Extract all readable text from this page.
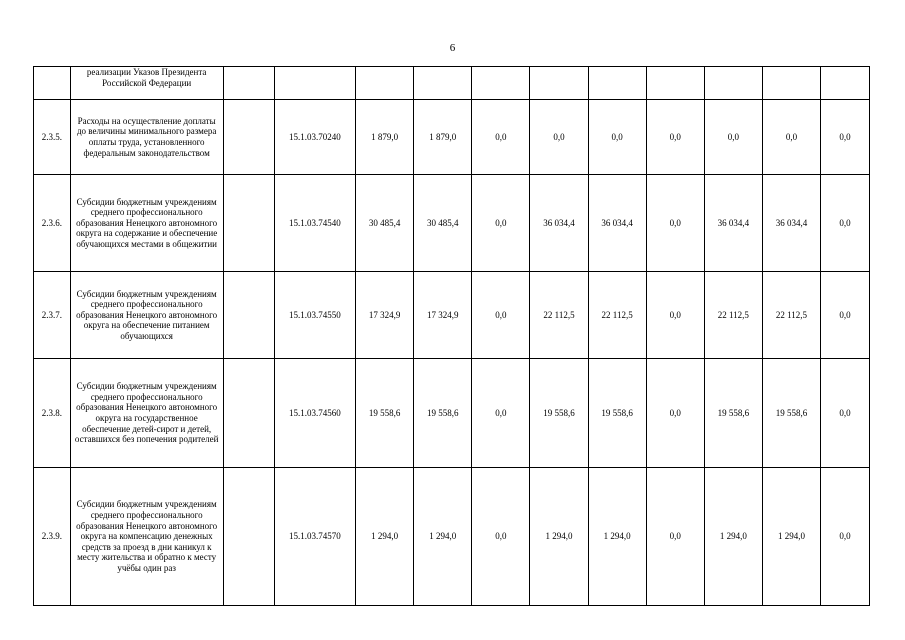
6
	реализации Указов Президента Российской Федерации											
2.3.5.	Расходы на осуществление доплаты до величины минимального размера оплаты труда, установленного федеральным законодательством		15.1.03.70240	1 879,0	1 879,0	0,0	0,0	0,0	0,0	0,0	0,0	0,0
2.3.6.	Субсидии бюджетным учреждениям среднего профессионального образования Ненецкого автономного округа на содержание и обеспечение обучающихся местами в общежитии		15.1.03.74540	30 485,4	30 485,4	0,0	36 034,4	36 034,4	0,0	36 034,4	36 034,4	0,0
2.3.7.	Субсидии бюджетным учреждениям среднего профессионального образования Ненецкого автономного округа на обеспечение питанием обучающихся		15.1.03.74550	17 324,9	17 324,9	0,0	22 112,5	22 112,5	0,0	22 112,5	22 112,5	0,0
2.3.8.	Субсидии бюджетным учреждениям среднего профессионального образования Ненецкого автономного округа на государственное обеспечение детей-сирот и детей, оставшихся без попечения родителей		15.1.03.74560	19 558,6	19 558,6	0,0	19 558,6	19 558,6	0,0	19 558,6	19 558,6	0,0
2.3.9.	Субсидии бюджетным учреждениям среднего профессионального образования Ненецкого автономного округа на компенсацию денежных средств за проезд в дни каникул к месту жительства и обратно к месту учёбы один раз		15.1.03.74570	1 294,0	1 294,0	0,0	1 294,0	1 294,0	0,0	1 294,0	1 294,0	0,0
